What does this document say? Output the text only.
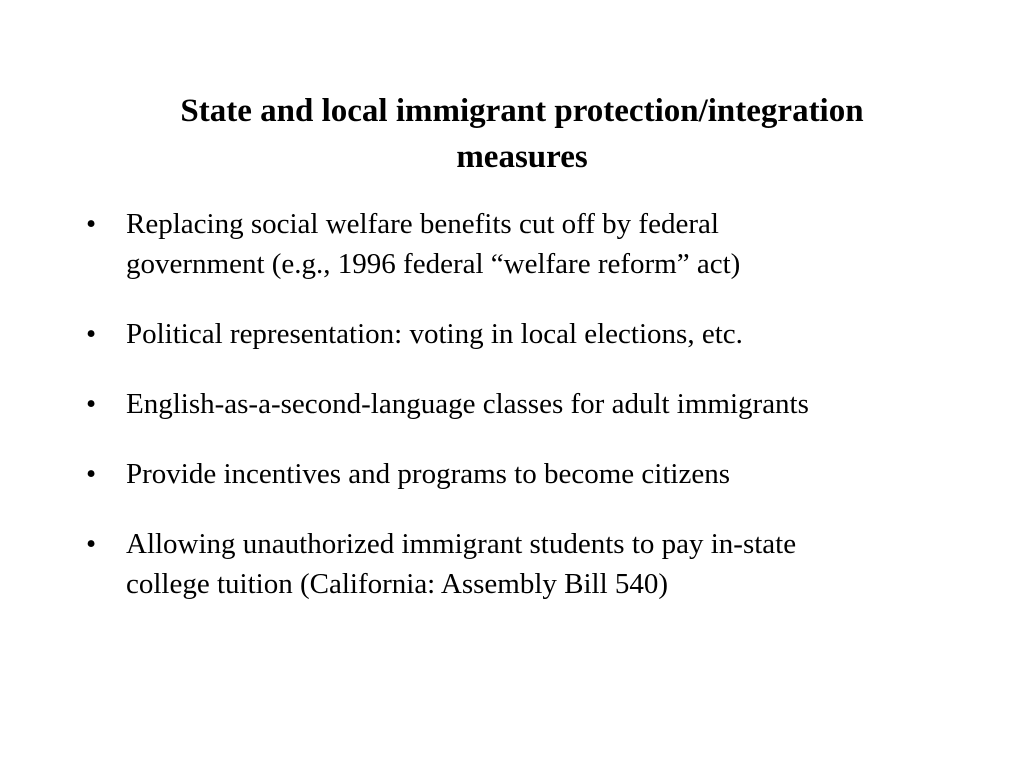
State and local immigrant protection/integration
measures
• Replacing social welfare benefits cut off by federal
government (e.g., 1996 federal “welfare reform” act)
• Political representation: voting in local elections, etc.
• English-as-a-second-language classes for adult immigrants
• Provide incentives and programs to become citizens
• Allowing unauthorized immigrant students to pay in-state
college tuition (California: Assembly Bill 540)
